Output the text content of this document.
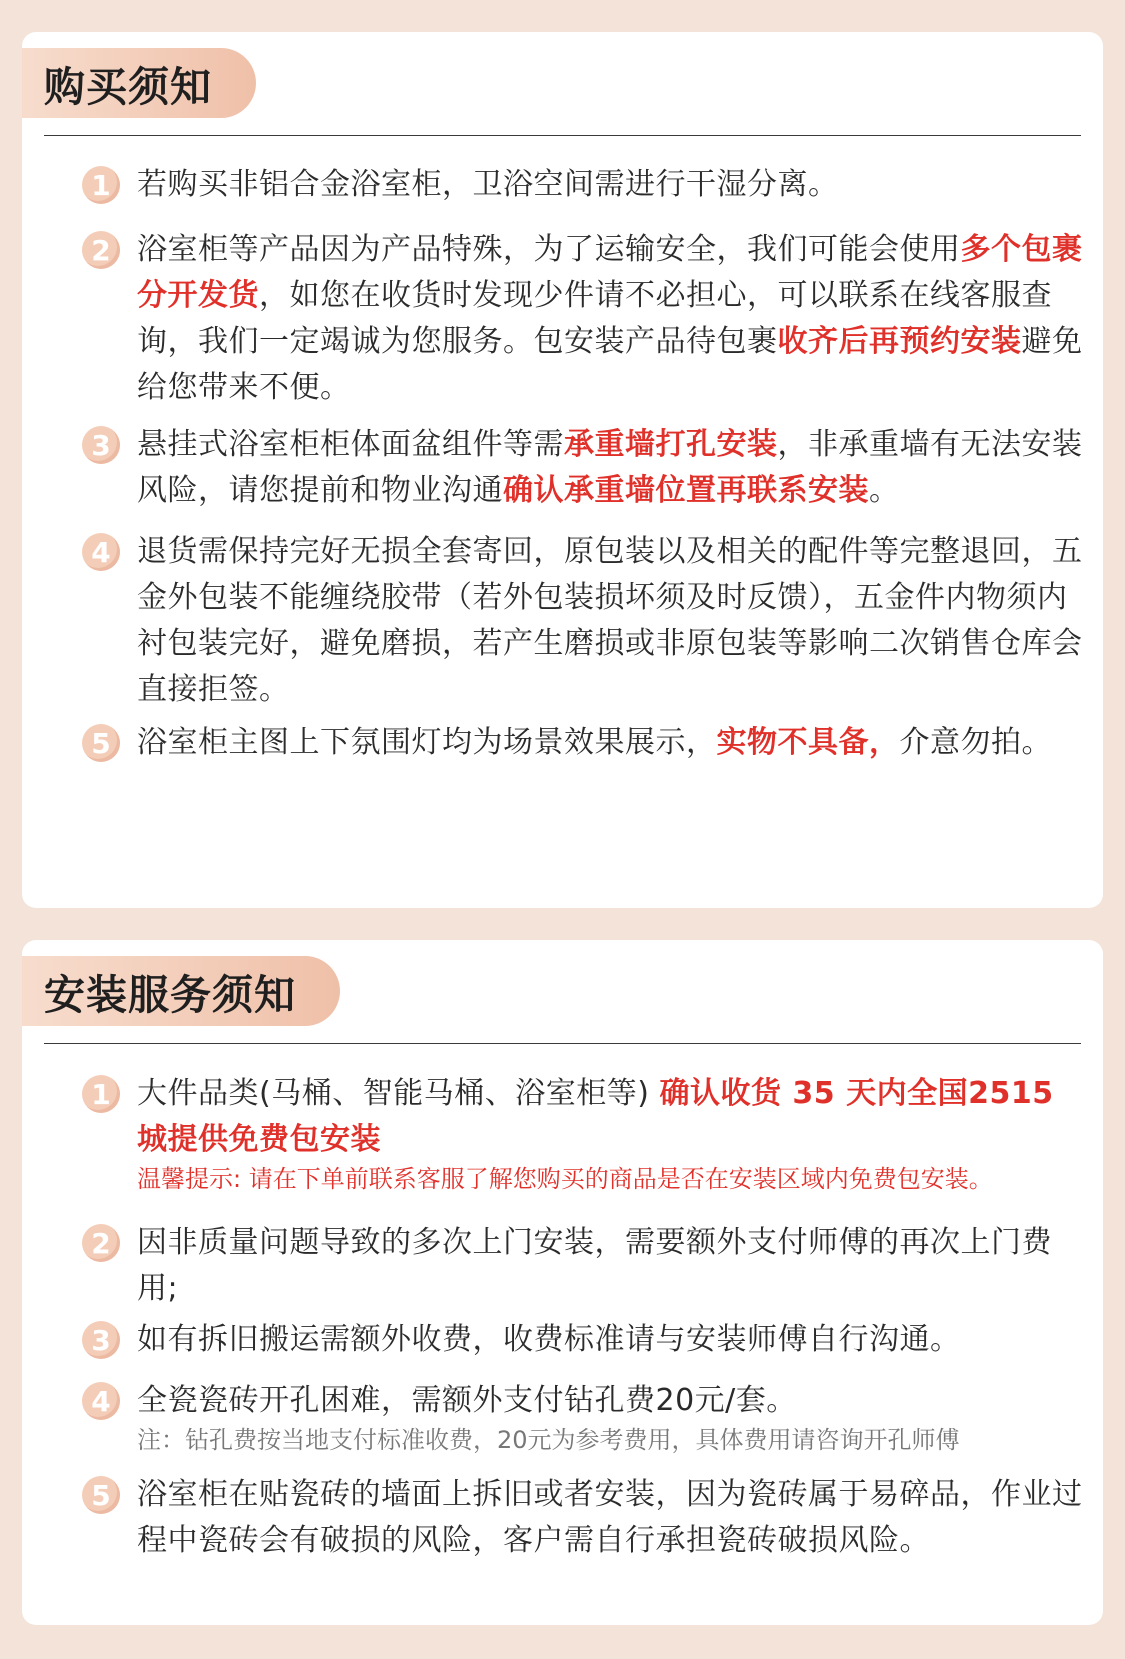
购买须知
1 若购买非铝合金浴室柜，卫浴空间需进行干湿分离。
2 浴室柜等产品因为产品特殊，为了运输安全，我们可能会使用多个包裹分开发货，如您在收货时发现少件请不必担心，可以联系在线客服查询，我们一定竭诚为您服务。包安装产品待包裹收齐后再预约安装避免给您带来不便。
3 悬挂式浴室柜柜体面盆组件等需承重墙打孔安装，非承重墙有无法安装风险，请您提前和物业沟通确认承重墙位置再联系安装。
4 退货需保持完好无损全套寄回，原包装以及相关的配件等完整退回，五金外包装不能缠绕胶带（若外包装损坏须及时反馈），五金件内物须内衬包装完好，避免磨损，若产生磨损或非原包装等影响二次销售仓库会直接拒签。
5 浴室柜主图上下氛围灯均为场景效果展示，实物不具备，介意勿拍。
安装服务须知
1 大件品类(马桶、智能马桶、浴室柜等) 确认收货 35 天内全国2515城提供免费包安装
温馨提示: 请在下单前联系客服了解您购买的商品是否在安装区域内免费包安装。
2 因非质量问题导致的多次上门安装，需要额外支付师傅的再次上门费用;
3 如有拆旧搬运需额外收费，收费标准请与安装师傅自行沟通。
4 全瓷瓷砖开孔困难，需额外支付钻孔费20元/套。
注：钻孔费按当地支付标准收费，20元为参考费用，具体费用请咨询开孔师傅
5 浴室柜在贴瓷砖的墙面上拆旧或者安装，因为瓷砖属于易碎品，作业过程中瓷砖会有破损的风险，客户需自行承担瓷砖破损风险。
